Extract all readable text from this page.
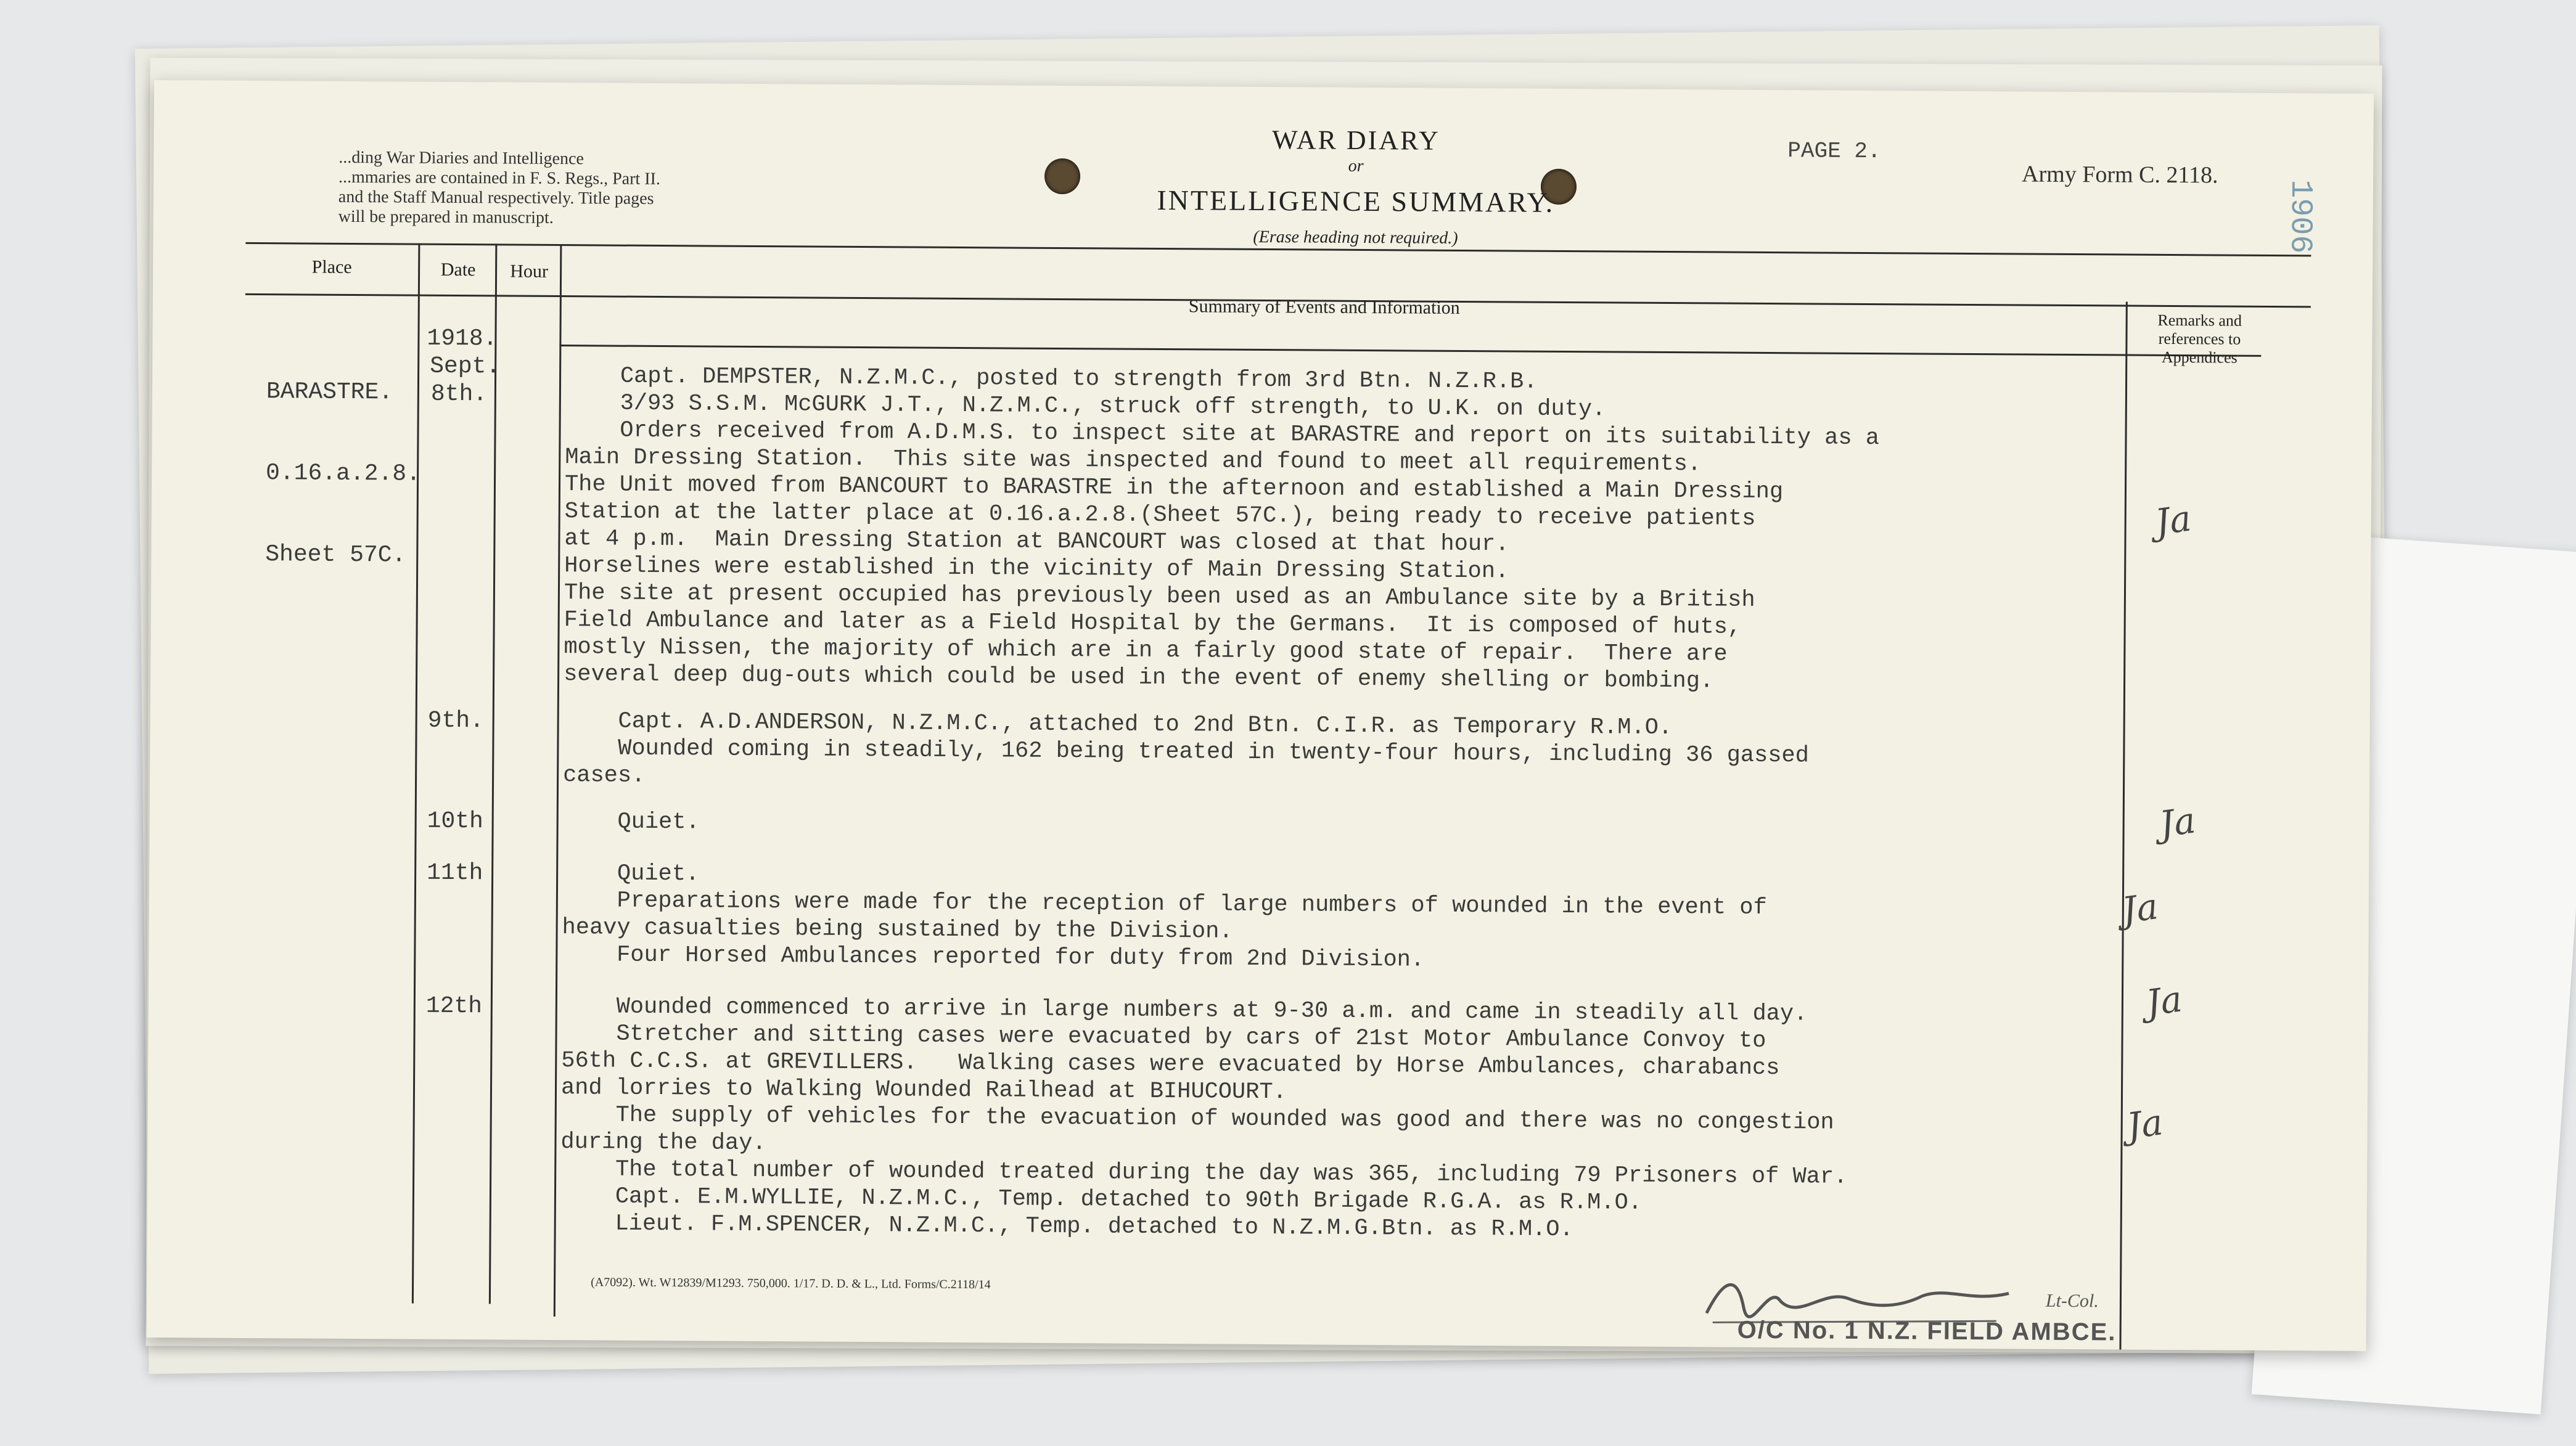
...ding War Diaries and Intelligence
...mmaries are contained in F. S. Regs., Part II.
and the Staff Manual respectively. Title pages
will be prepared in manuscript.
WAR DIARY
or
INTELLIGENCE SUMMARY.
(Erase heading not required.)
PAGE 2.
Army Form C. 2118.
1906
Place	Date	Hour
Summary of Events and Information
Remarks and references to Appendices

BARASTRE.

0.16.a.2.8.

Sheet 57C.

1918.
Sept.
8th.
9th.
10th
11th
12th
Capt. DEMPSTER, N.Z.M.C., posted to strength from 3rd Btn. N.Z.R.B.
3/93 S.S.M. McGURK J.T., N.Z.M.C., struck off strength, to U.K. on duty.
Orders received from A.D.M.S. to inspect site at BARASTRE and report on its suitability as a
Main Dressing Station.  This site was inspected and found to meet all requirements.
The Unit moved from BANCOURT to BARASTRE in the afternoon and established a Main Dressing
Station at the latter place at 0.16.a.2.8.(Sheet 57C.), being ready to receive patients
at 4 p.m.  Main Dressing Station at BANCOURT was closed at that hour.
Horselines were established in the vicinity of Main Dressing Station.
The site at present occupied has previously been used as an Ambulance site by a British
Field Ambulance and later as a Field Hospital by the Germans.  It is composed of huts,
mostly Nissen, the majority of which are in a fairly good state of repair.  There are
several deep dug-outs which could be used in the event of enemy shelling or bombing.
Capt. A.D.ANDERSON, N.Z.M.C., attached to 2nd Btn. C.I.R. as Temporary R.M.O.
Wounded coming in steadily, 162 being treated in twenty-four hours, including 36 gassed
cases.
Quiet.
Quiet.
Preparations were made for the reception of large numbers of wounded in the event of
heavy casualties being sustained by the Division.
Four Horsed Ambulances reported for duty from 2nd Division.
Wounded commenced to arrive in large numbers at 9-30 a.m. and came in steadily all day.
Stretcher and sitting cases were evacuated by cars of 21st Motor Ambulance Convoy to
56th C.C.S. at GREVILLERS.   Walking cases were evacuated by Horse Ambulances, charabancs
and lorries to Walking Wounded Railhead at BIHUCOURT.
The supply of vehicles for the evacuation of wounded was good and there was no congestion
during the day.
The total number of wounded treated during the day was 365, including 79 Prisoners of War.
Capt. E.M.WYLLIE, N.Z.M.C., Temp. detached to 90th Brigade R.G.A. as R.M.O.
Lieut. F.M.SPENCER, N.Z.M.C., Temp. detached to N.Z.M.G.Btn. as R.M.O.
Ja
Ja
Ja
Ja
Ja
(A7092). Wt. W12839/M1293. 750,000. 1/17. D. D. & L., Ltd. Forms/C.2118/14
Lt-Col.
O/C No. 1 N.Z. FIELD AMBCE.
